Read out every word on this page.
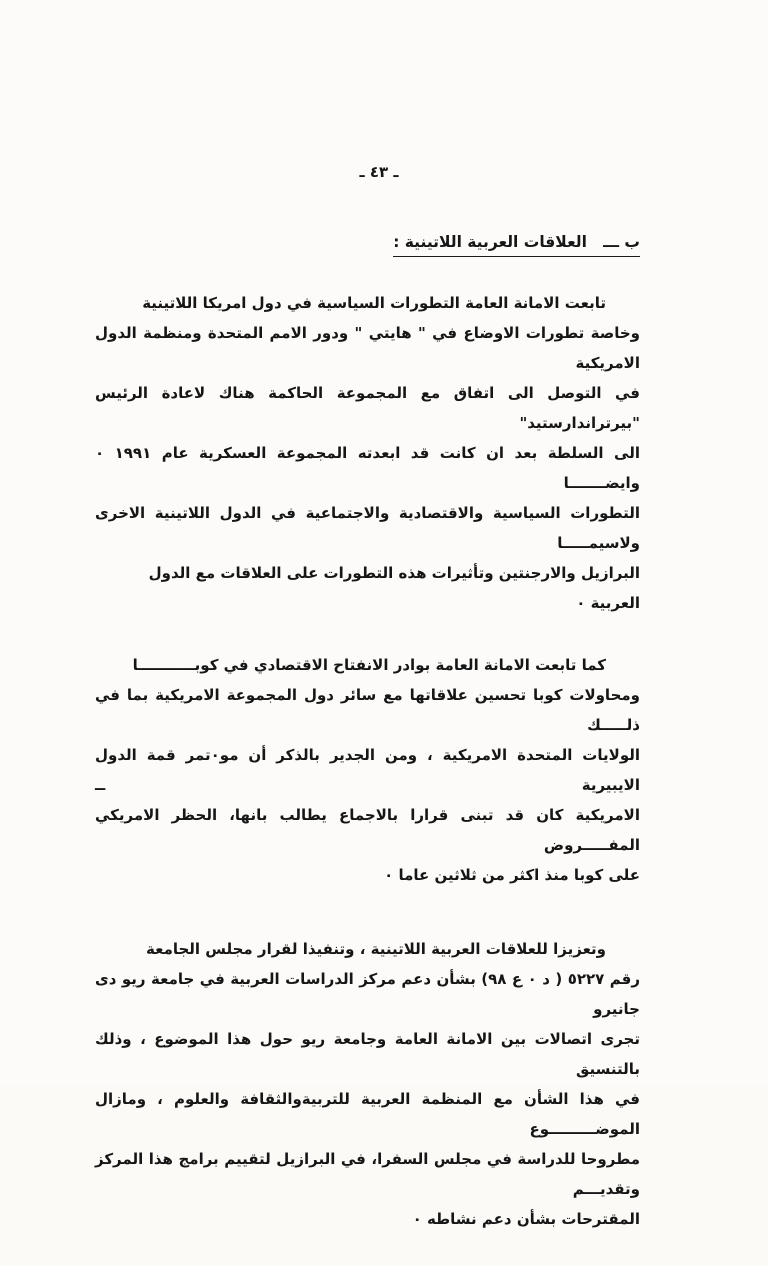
ـ ٤٣ ـ
ب ـــ   العلاقات العربية اللاتينية :
تابعت الامانة العامة التطورات السياسية في دول امريكا اللاتينية
وخاصة تطورات الاوضاع في " هايتي " ودور الامم المتحدة ومنظمة الدول الامريكية
في التوصل الى اتفاق مع المجموعة الحاكمة هناك لاعادة الرئيس "بيرتراندارستيد"
الى السلطة بعد ان كانت قد ابعدته المجموعة العسكرية عام ١٩٩١ ٠ وايضـــــــا
التطورات السياسية والاقتصادية والاجتماعية في الدول اللاتينية الاخرى ولاسيمـــــا
البرازيل والارجنتين وتأثيرات هذه التطورات على العلاقات مع الدول العربية ٠
كما تابعت الامانة العامة بوادر الانفتاح الاقتصادي في كوبـــــــــــا
ومحاولات كوبا تحسين علاقاتها مع سائر دول المجموعة الامريكية بما في ذلـــــك
الولايات المتحدة الامريكية ، ومن الجدير بالذكر أن مو٠تمر قمة الدول الايبيرية ــ
الامريكية كان قد تبنى قرارا بالاجماع يطالب بانها، الحظر الامريكي المفـــــروض
على كوبا منذ اكثر من ثلاثين عاما ٠
وتعزيزا للعلاقات العربية اللاتينية ، وتنفيذا لقرار مجلس الجامعة
رقم ٥٢٢٧ ( د ٠ ع ٩٨) بشأن دعم مركز الدراسات العربية في جامعة ريو دى جانيرو
تجرى اتصالات بين الامانة العامة وجامعة ريو حول هذا الموضوع ، وذلك بالتنسيق
في هذا الشأن مع المنظمة العربية للتربيةوالثقافة والعلوم ، ومازال الموضـــــــــوع
مطروحا للدراسة في مجلس السفرا، في البرازيل لتقييم برامج هذا المركز وتقديـــم
المقترحات بشأن دعم نشاطه ٠
